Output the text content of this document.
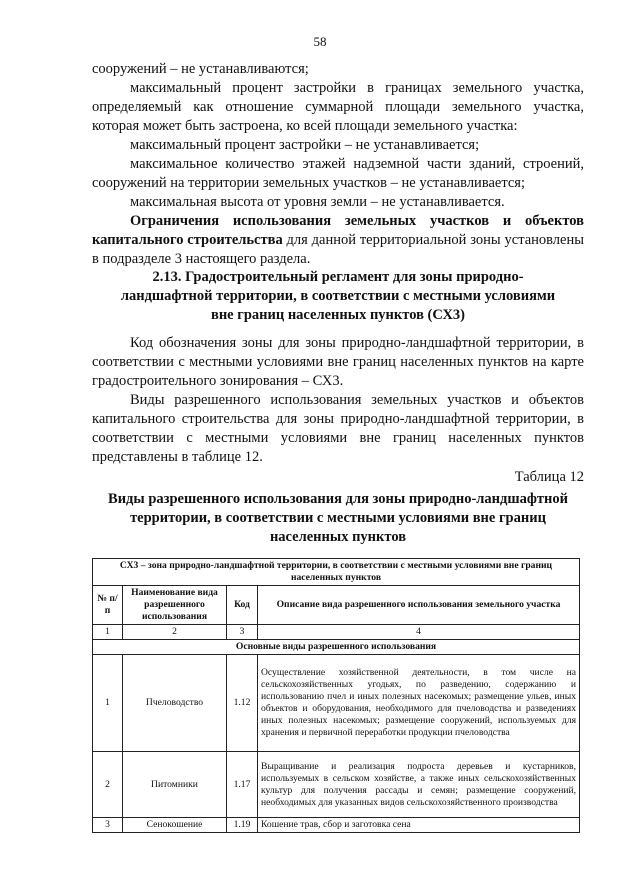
58

сооружений – не устанавливаются;

максимальный процент застройки в границах земельного участка, определяемый как отношение суммарной площади земельного участка, которая может быть застроена, ко всей площади земельного участка:

максимальный процент застройки – не устанавливается;

максимальное количество этажей надземной части зданий, строений, сооружений на территории земельных участков – не устанавливается;

максимальная высота от уровня земли – не устанавливается.

Ограничения использования земельных участков и объектов капитального строительства для данной территориальной зоны установлены в подразделе 3 настоящего раздела.

2.13. Градостроительный регламент для зоны природно-ландшафтной территории, в соответствии с местными условиями вне границ населенных пунктов (СХ3)

Код обозначения зоны для зоны природно-ландшафтной территории, в соответствии с местными условиями вне границ населенных пунктов на карте градостроительного зонирования – СХ3.

Виды разрешенного использования земельных участков и объектов капитального строительства для зоны природно-ландшафтной территории, в соответствии с местными условиями вне границ населенных пунктов представлены в таблице 12.

Таблица 12

Виды разрешенного использования для зоны природно-ландшафтной территории, в соответствии с местными условиями вне границ населенных пунктов

СХ3 – зона природно-ландшафтной территории, в соответствии с местными условиями вне границ населенных пунктов			
№ п/п	Наименование вида разрешенного использования	Код	Описание вида разрешенного использования земельного участка
1	2	3	4
Основные виды разрешенного использования			
1	Пчеловодство	1.12	Осуществление хозяйственной деятельности, в том числе на сельскохозяйственных угодьях, по разведению, содержанию и использованию пчел и иных полезных насекомых; размещение ульев, иных объектов и оборудования, необходимого для пчеловодства и разведениях иных полезных насекомых; размещение сооружений, используемых для хранения и первичной переработки продукции пчеловодства
2	Питомники	1.17	Выращивание и реализация подроста деревьев и кустарников, используемых в сельском хозяйстве, а также иных сельскохозяйственных культур для получения рассады и семян; размещение сооружений, необходимых для указанных видов сельскохозяйственного производства
3	Сенокошение	1.19	Кошение трав, сбор и заготовка сена
